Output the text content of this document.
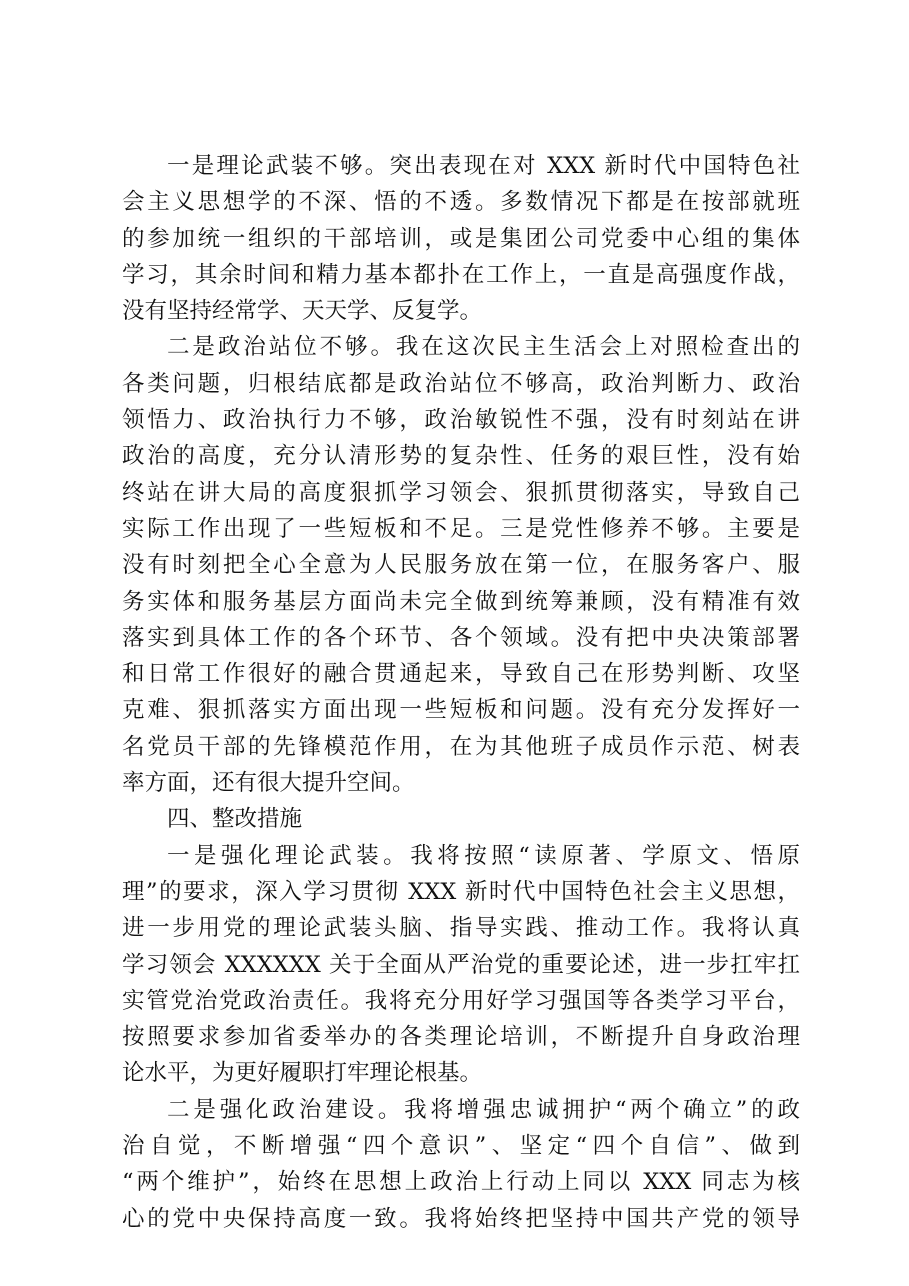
一是理论武装不够。突出表现在对 XXX 新时代中国特色社
会主义思想学的不深、悟的不透。多数情况下都是在按部就班
的参加统一组织的干部培训，或是集团公司党委中心组的集体
学习，其余时间和精力基本都扑在工作上，一直是高强度作战，
没有坚持经常学、天天学、反复学。
二是政治站位不够。我在这次民主生活会上对照检查出的
各类问题，归根结底都是政治站位不够高，政治判断力、政治
领悟力、政治执行力不够，政治敏锐性不强，没有时刻站在讲
政治的高度，充分认清形势的复杂性、任务的艰巨性，没有始
终站在讲大局的高度狠抓学习领会、狠抓贯彻落实，导致自己
实际工作出现了一些短板和不足。三是党性修养不够。主要是
没有时刻把全心全意为人民服务放在第一位，在服务客户、服
务实体和服务基层方面尚未完全做到统筹兼顾，没有精准有效
落实到具体工作的各个环节、各个领域。没有把中央决策部署
和日常工作很好的融合贯通起来，导致自己在形势判断、攻坚
克难、狠抓落实方面出现一些短板和问题。没有充分发挥好一
名党员干部的先锋模范作用，在为其他班子成员作示范、树表
率方面，还有很大提升空间。
四、整改措施
一是强化理论武装。我将按照“读原著、学原文、悟原
理”的要求，深入学习贯彻 XXX 新时代中国特色社会主义思想，
进一步用党的理论武装头脑、指导实践、推动工作。我将认真
学习领会 XXXXXX 关于全面从严治党的重要论述，进一步扛牢扛
实管党治党政治责任。我将充分用好学习强国等各类学习平台，
按照要求参加省委举办的各类理论培训，不断提升自身政治理
论水平，为更好履职打牢理论根基。
二是强化政治建设。我将增强忠诚拥护“两个确立”的政
治自觉，不断增强“四个意识”、坚定“四个自信”、做到
“两个维护”，始终在思想上政治上行动上同以 XXX 同志为核
心的党中央保持高度一致。我将始终把坚持中国共产党的领导
